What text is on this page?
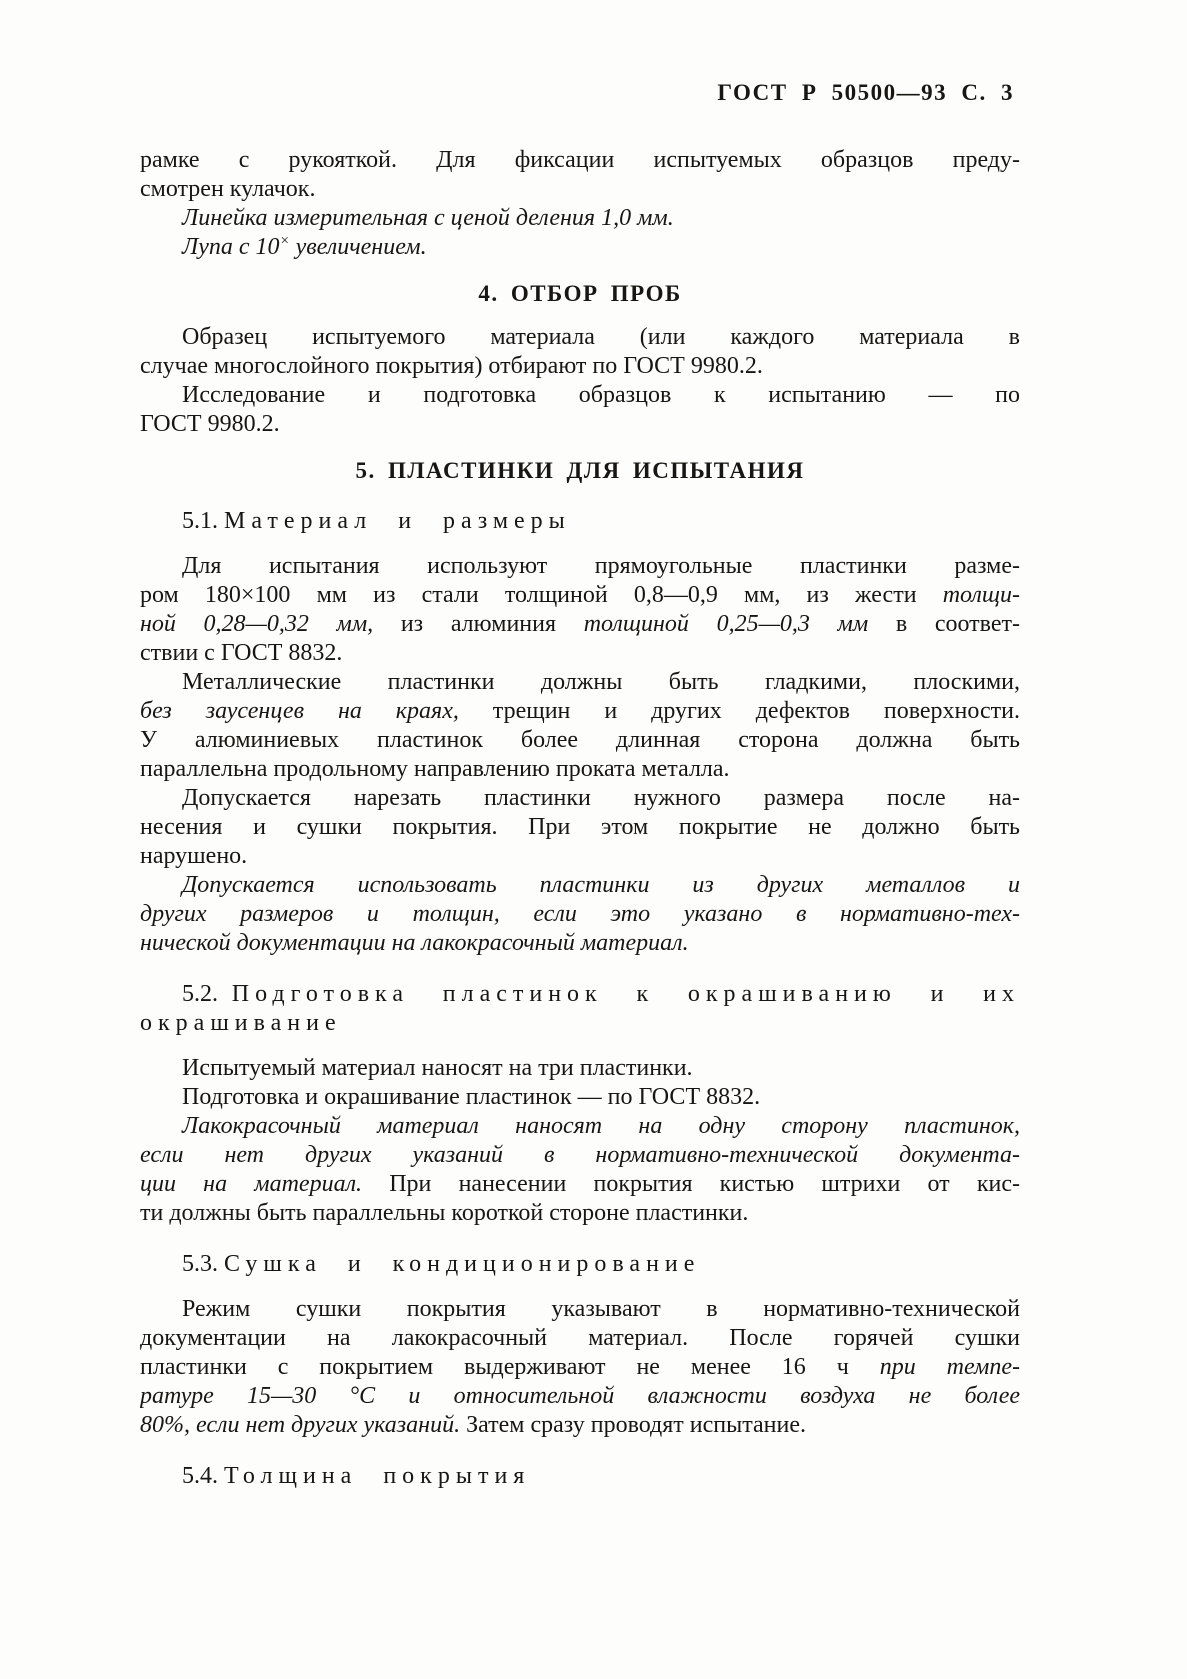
ГОСТ Р 50500—93 С. 3
рамке с рукояткой. Для фиксации испытуемых образцов преду-
смотрен кулачок.
Линейка измерительная с ценой деления 1,0 мм.
Лупа с 10× увеличением.
4. ОТБОР ПРОБ
Образец испытуемого материала (или каждого материала в
случае многослойного покрытия) отбирают по ГОСТ 9980.2.
Исследование и подготовка образцов к испытанию — по
ГОСТ 9980.2.
5. ПЛАСТИНКИ ДЛЯ ИСПЫТАНИЯ
5.1. Материал и размеры
Для испытания используют прямоугольные пластинки разме-
ром 180×100 мм из стали толщиной 0,8—0,9 мм, из жести толщи-
ной 0,28—0,32 мм, из алюминия толщиной 0,25—0,3 мм в соответ-
ствии с ГОСТ 8832.
Металлические пластинки должны быть гладкими, плоскими,
без заусенцев на краях, трещин и других дефектов поверхности.
У алюминиевых пластинок более длинная сторона должна быть
параллельна продольному направлению проката металла.
Допускается нарезать пластинки нужного размера после на-
несения и сушки покрытия. При этом покрытие не должно быть
нарушено.
Допускается использовать пластинки из других металлов и
других размеров и толщин, если это указано в нормативно-тех-
нической документации на лакокрасочный материал.
5.2. Подготовка пластинок к окрашиванию и их
окрашивание
Испытуемый материал наносят на три пластинки.
Подготовка и окрашивание пластинок — по ГОСТ 8832.
Лакокрасочный материал наносят на одну сторону пластинок,
если нет других указаний в нормативно-технической документа-
ции на материал. При нанесении покрытия кистью штрихи от кис-
ти должны быть параллельны короткой стороне пластинки.
5.3. Сушка и кондиционирование
Режим сушки покрытия указывают в нормативно-технической
документации на лакокрасочный материал. После горячей сушки
пластинки с покрытием выдерживают не менее 16 ч при темпе-
ратуре 15—30 °С и относительной влажности воздуха не более
80%, если нет других указаний. Затем сразу проводят испытание.
5.4. Толщина покрытия
